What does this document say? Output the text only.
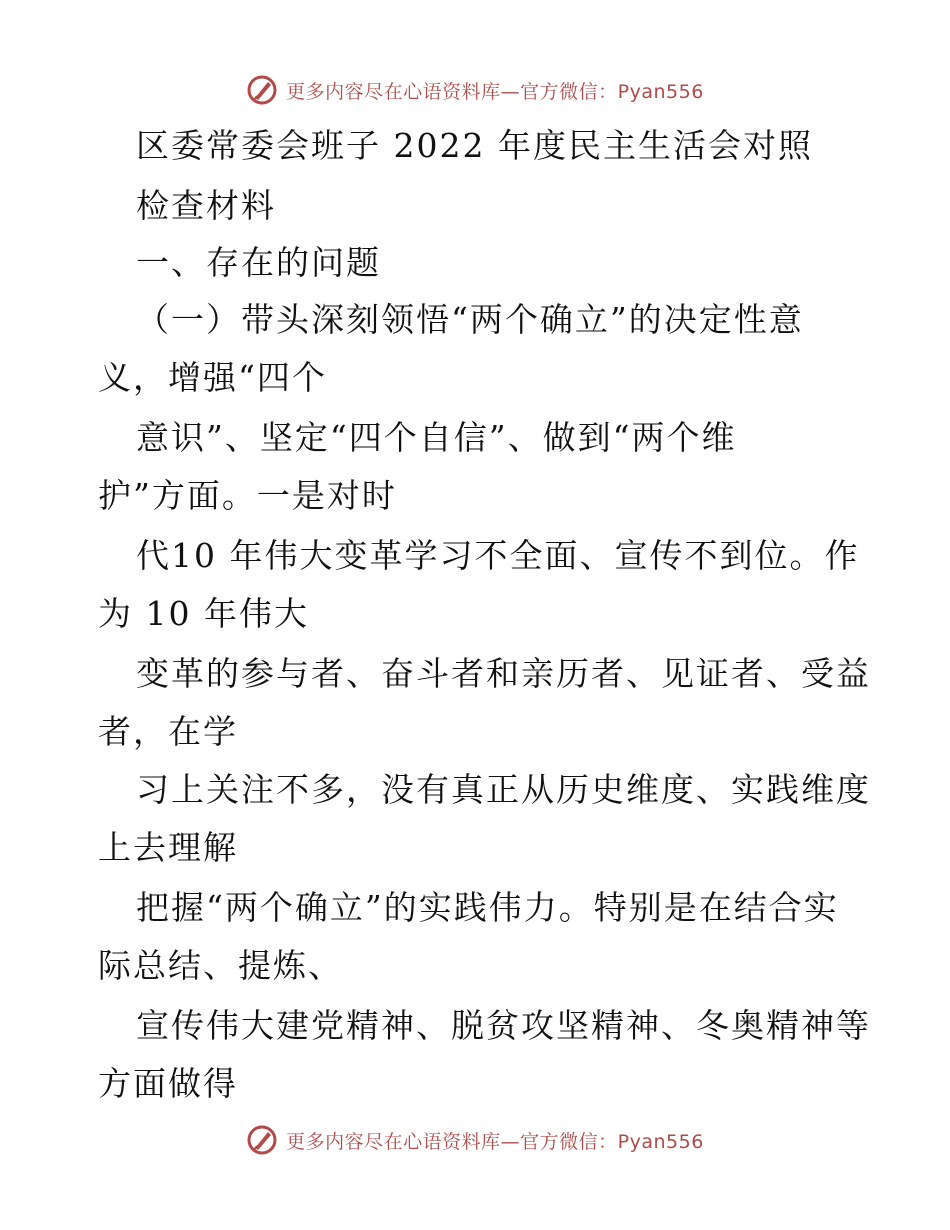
更多内容尽在心语资料库—官方微信：Pyan556
区委常委会班子 2022 年度民主生活会对照
检查材料
一、存在的问题
（一）带头深刻领悟“两个确立”的决定性意
义，增强“四个
意识”、坚定“四个自信”、做到“两个维
护”方面。一是对时
代10 年伟大变革学习不全面、宣传不到位。作
为 10 年伟大
变革的参与者、奋斗者和亲历者、见证者、受益
者，在学
习上关注不多，没有真正从历史维度、实践维度
上去理解
把握“两个确立”的实践伟力。特别是在结合实
际总结、提炼、
宣传伟大建党精神、脱贫攻坚精神、冬奥精神等
方面做得
更多内容尽在心语资料库—官方微信：Pyan556
